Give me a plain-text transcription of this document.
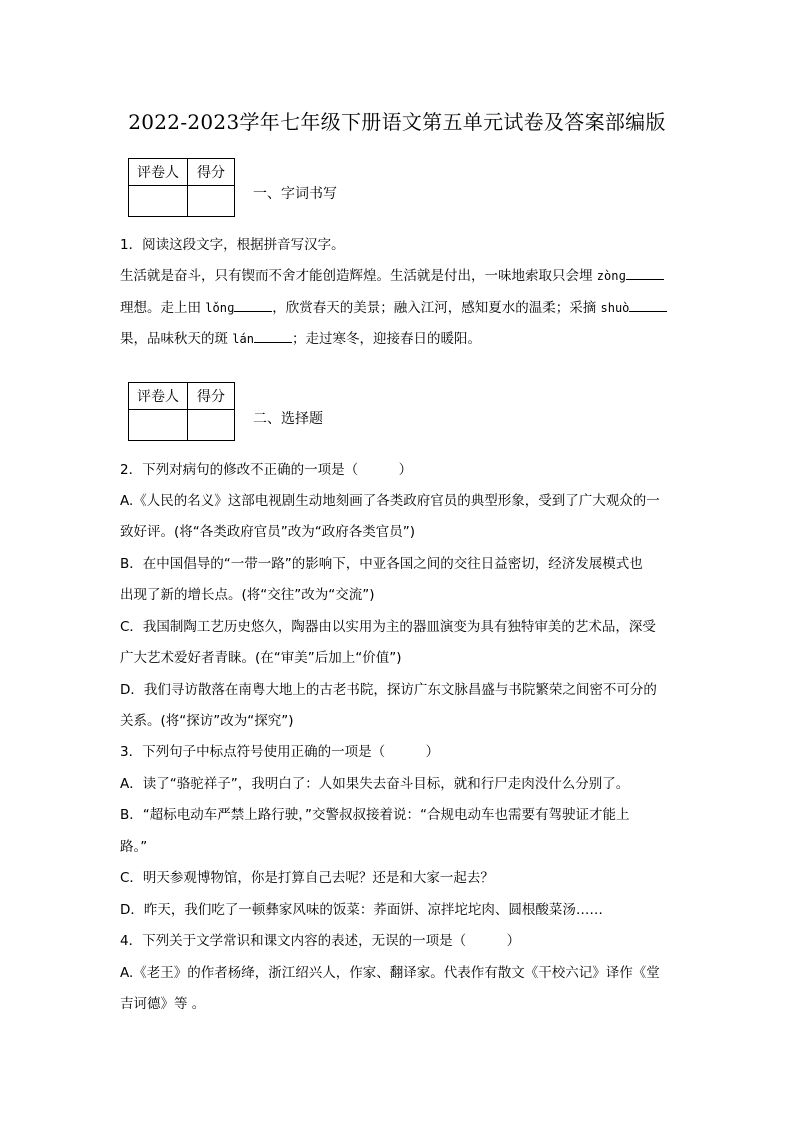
2022-2023学年七年级下册语文第五单元试卷及答案部编版
评卷人	得分

一、字词书写
1．阅读这段文字，根据拼音写汉字。
生活就是奋斗，只有锲而不舍才能创造辉煌。生活就是付出，一味地索取只会埋 zònɡ
理想。走上田 lǒnɡ	，欣赏春天的美景；融入江河，感知夏水的温柔；采摘 shuò
果，品味秋天的斑 lán	；走过寒冬，迎接春日的暖阳。
评卷人	得分

二、选择题
2．下列对病句的修改不正确的一项是（　　　）
A.《人民的名义》这部电视剧生动地刻画了各类政府官员的典型形象，受到了广大观众的一
致好评。(将“各类政府官员”改为“政府各类官员”)
B．在中国倡导的“一带一路”的影响下，中亚各国之间的交往日益密切，经济发展模式也
出现了新的增长点。(将“交往”改为“交流”)
C．我国制陶工艺历史悠久，陶器由以实用为主的器皿演变为具有独特审美的艺术品，深受
广大艺术爱好者青睐。(在“审美”后加上“价值”)
D．我们寻访散落在南粤大地上的古老书院，探访广东文脉昌盛与书院繁荣之间密不可分的
关系。(将“探访”改为“探究”)
3．下列句子中标点符号使用正确的一项是（　　　）
A．读了“骆驼祥子”，我明白了：人如果失去奋斗目标，就和行尸走肉没什么分别了。
B．“超标电动车严禁上路行驶，”交警叔叔接着说：“合规电动车也需要有驾驶证才能上
路。”
C．明天参观博物馆，你是打算自己去呢？还是和大家一起去？
D．昨天，我们吃了一顿彝家风味的饭菜：荞面饼、凉拌坨坨肉、圆根酸菜汤……
4．下列关于文学常识和课文内容的表述，无误的一项是（　　　）
A.《老王》的作者杨绛，浙江绍兴人，作家、翻译家。代表作有散文《干校六记》译作《堂
吉诃德》等 。
